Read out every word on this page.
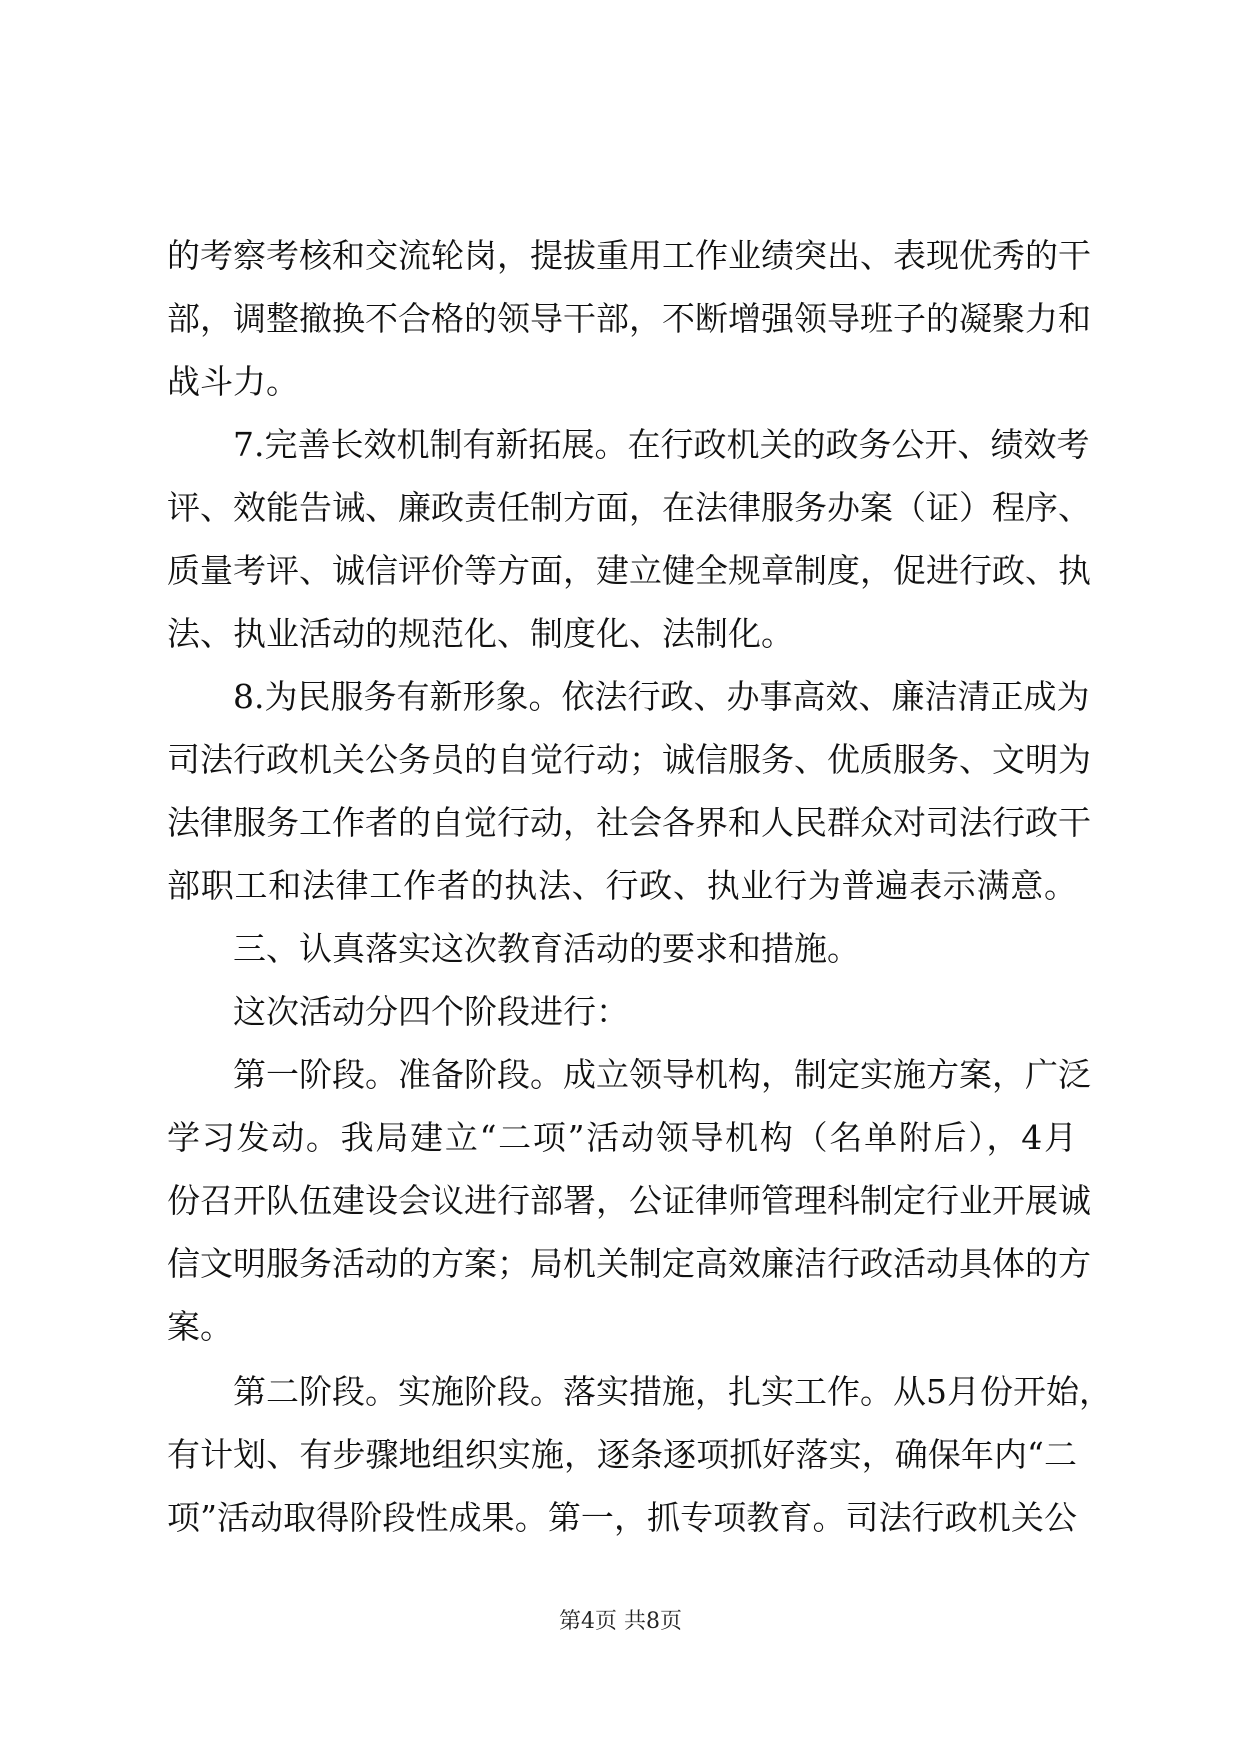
的考察考核和交流轮岗，提拔重用工作业绩突出、表现优秀的干
部，调整撤换不合格的领导干部，不断增强领导班子的凝聚力和
战斗力。
7.完善长效机制有新拓展。在行政机关的政务公开、绩效考
评、效能告诫、廉政责任制方面，在法律服务办案（证）程序、
质量考评、诚信评价等方面，建立健全规章制度，促进行政、执
法、执业活动的规范化、制度化、法制化。
8.为民服务有新形象。依法行政、办事高效、廉洁清正成为
司法行政机关公务员的自觉行动；诚信服务、优质服务、文明为
法律服务工作者的自觉行动，社会各界和人民群众对司法行政干
部职工和法律工作者的执法、行政、执业行为普遍表示满意。
三、认真落实这次教育活动的要求和措施。
这次活动分四个阶段进行：
第一阶段。准备阶段。成立领导机构，制定实施方案，广泛
学习发动。我局建立“二项”活动领导机构（名单附后），4月
份召开队伍建设会议进行部署，公证律师管理科制定行业开展诚
信文明服务活动的方案；局机关制定高效廉洁行政活动具体的方
案。
第二阶段。实施阶段。落实措施，扎实工作。从5月份开始，
有计划、有步骤地组织实施，逐条逐项抓好落实，确保年内“二
项”活动取得阶段性成果。第一，抓专项教育。司法行政机关公
第4页 共8页
